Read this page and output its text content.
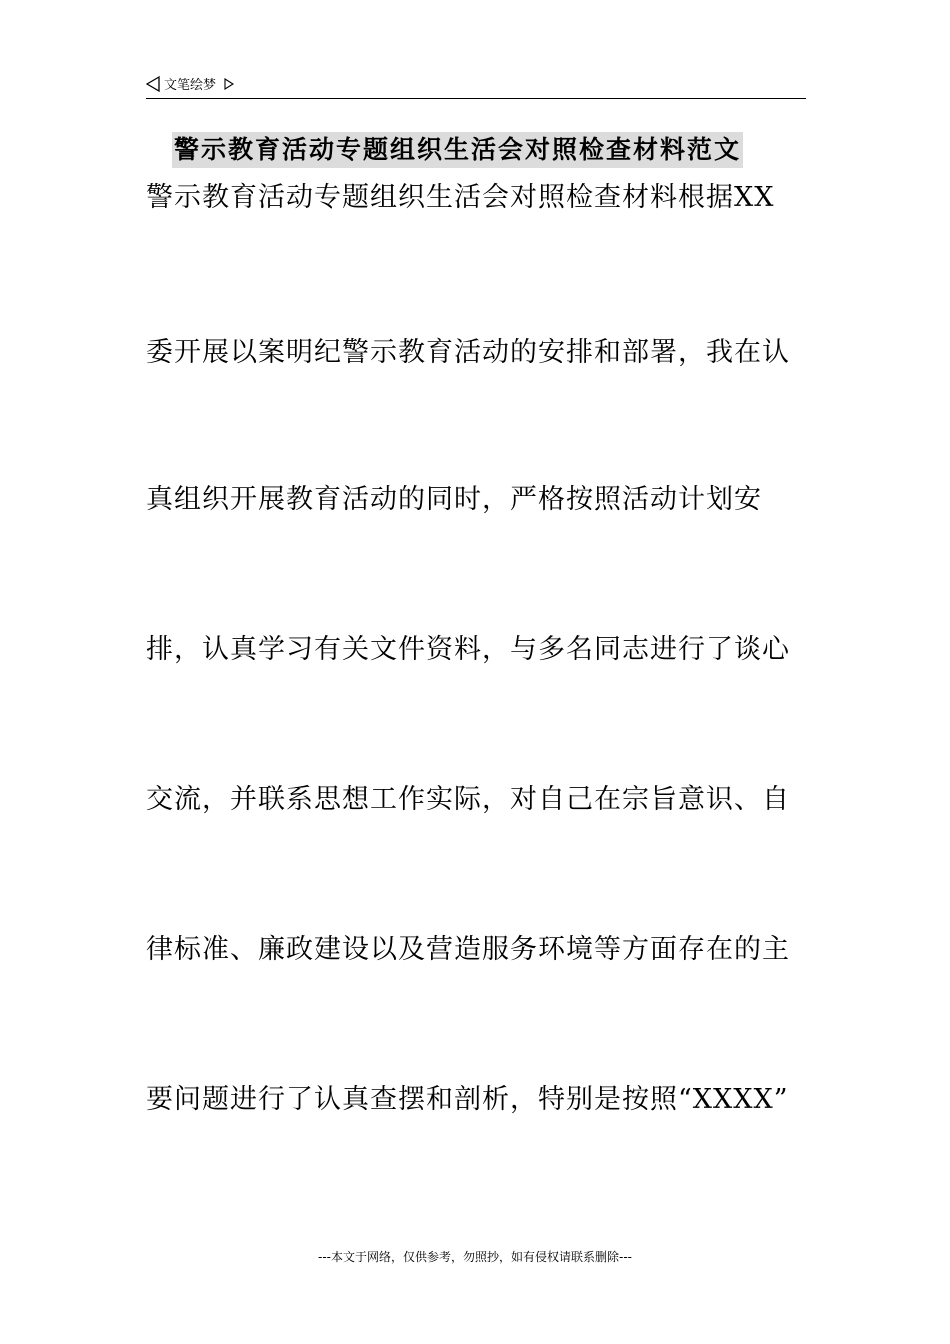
文笔绘梦
警示教育活动专题组织生活会对照检查材料范文
警示教育活动专题组织生活会对照检查材料根据XX
委开展以案明纪警示教育活动的安排和部署，我在认
真组织开展教育活动的同时，严格按照活动计划安
排，认真学习有关文件资料，与多名同志进行了谈心
交流，并联系思想工作实际，对自己在宗旨意识、自
律标准、廉政建设以及营造服务环境等方面存在的主
要问题进行了认真查摆和剖析，特别是按照“XXXX”
---本文于网络，仅供参考，勿照抄，如有侵权请联系删除---
